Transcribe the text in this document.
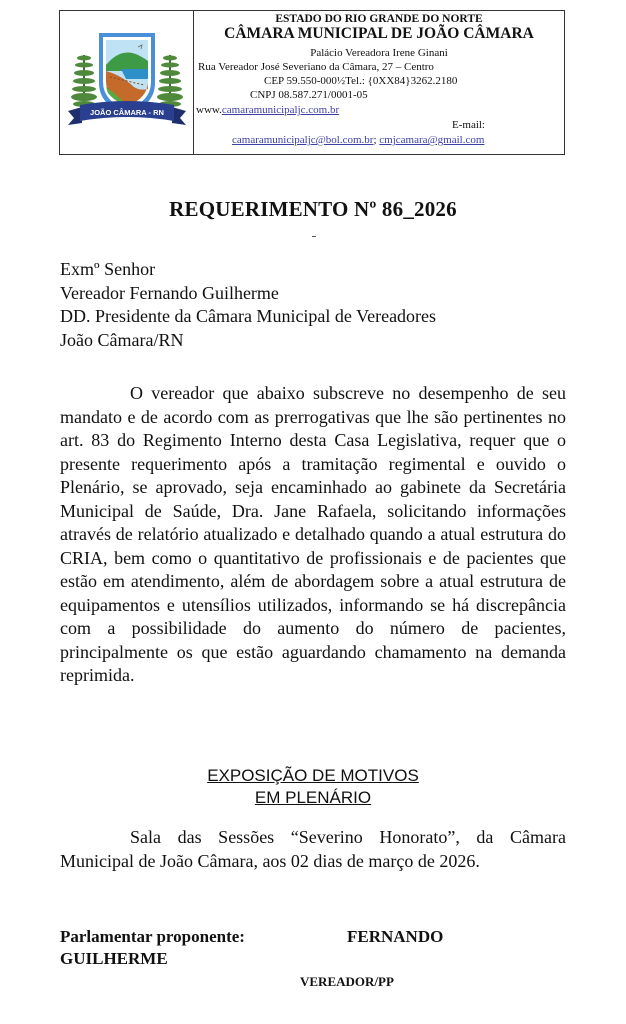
JOÃO CÂMARA - RN
ESTADO DO RIO GRANDE DO NORTE
CÂMARA MUNICIPAL DE JOÃO CÂMARA
Palácio Vereadora Irene Ginani
Rua Vereador José Severiano da Câmara, 27 – Centro
CEP 59.550-000½Tel.: {0XX84}3262.2180
CNPJ 08.587.271/0001-05
www.camaramunicipaljc.com.br
E-mail:
camaramunicipaljc@bol.com.br; cmjcamara@gmail.com
REQUERIMENTO Nº 86_2026
Exmº Senhor
Vereador Fernando Guilherme
DD. Presidente da Câmara Municipal de Vereadores
João Câmara/RN
O vereador que abaixo subscreve no desempenho de seu mandato e de acordo com as prerrogativas que lhe são pertinentes no art. 83 do Regimento Interno desta Casa Legislativa, requer que o presente requerimento após a tramitação regimental e ouvido o Plenário, se aprovado, seja encaminhado ao gabinete da Secretária Municipal de Saúde, Dra. Jane Rafaela, solicitando informações através de relatório atualizado e detalhado quando a atual estrutura do CRIA, bem como o quantitativo de profissionais e de pacientes que estão em atendimento, além de abordagem sobre a atual estrutura de equipamentos e utensílios utilizados, informando se há discrepância com a possibilidade do aumento do número de pacientes, principalmente os que estão aguardando chamamento na demanda reprimida.
EXPOSIÇÃO DE MOTIVOS
EM PLENÁRIO
Sala das Sessões “Severino Honorato”, da Câmara Municipal de João Câmara, aos 02 dias de março de 2026.
Parlamentar proponente:	FERNANDO
GUILHERME
VEREADOR/PP
